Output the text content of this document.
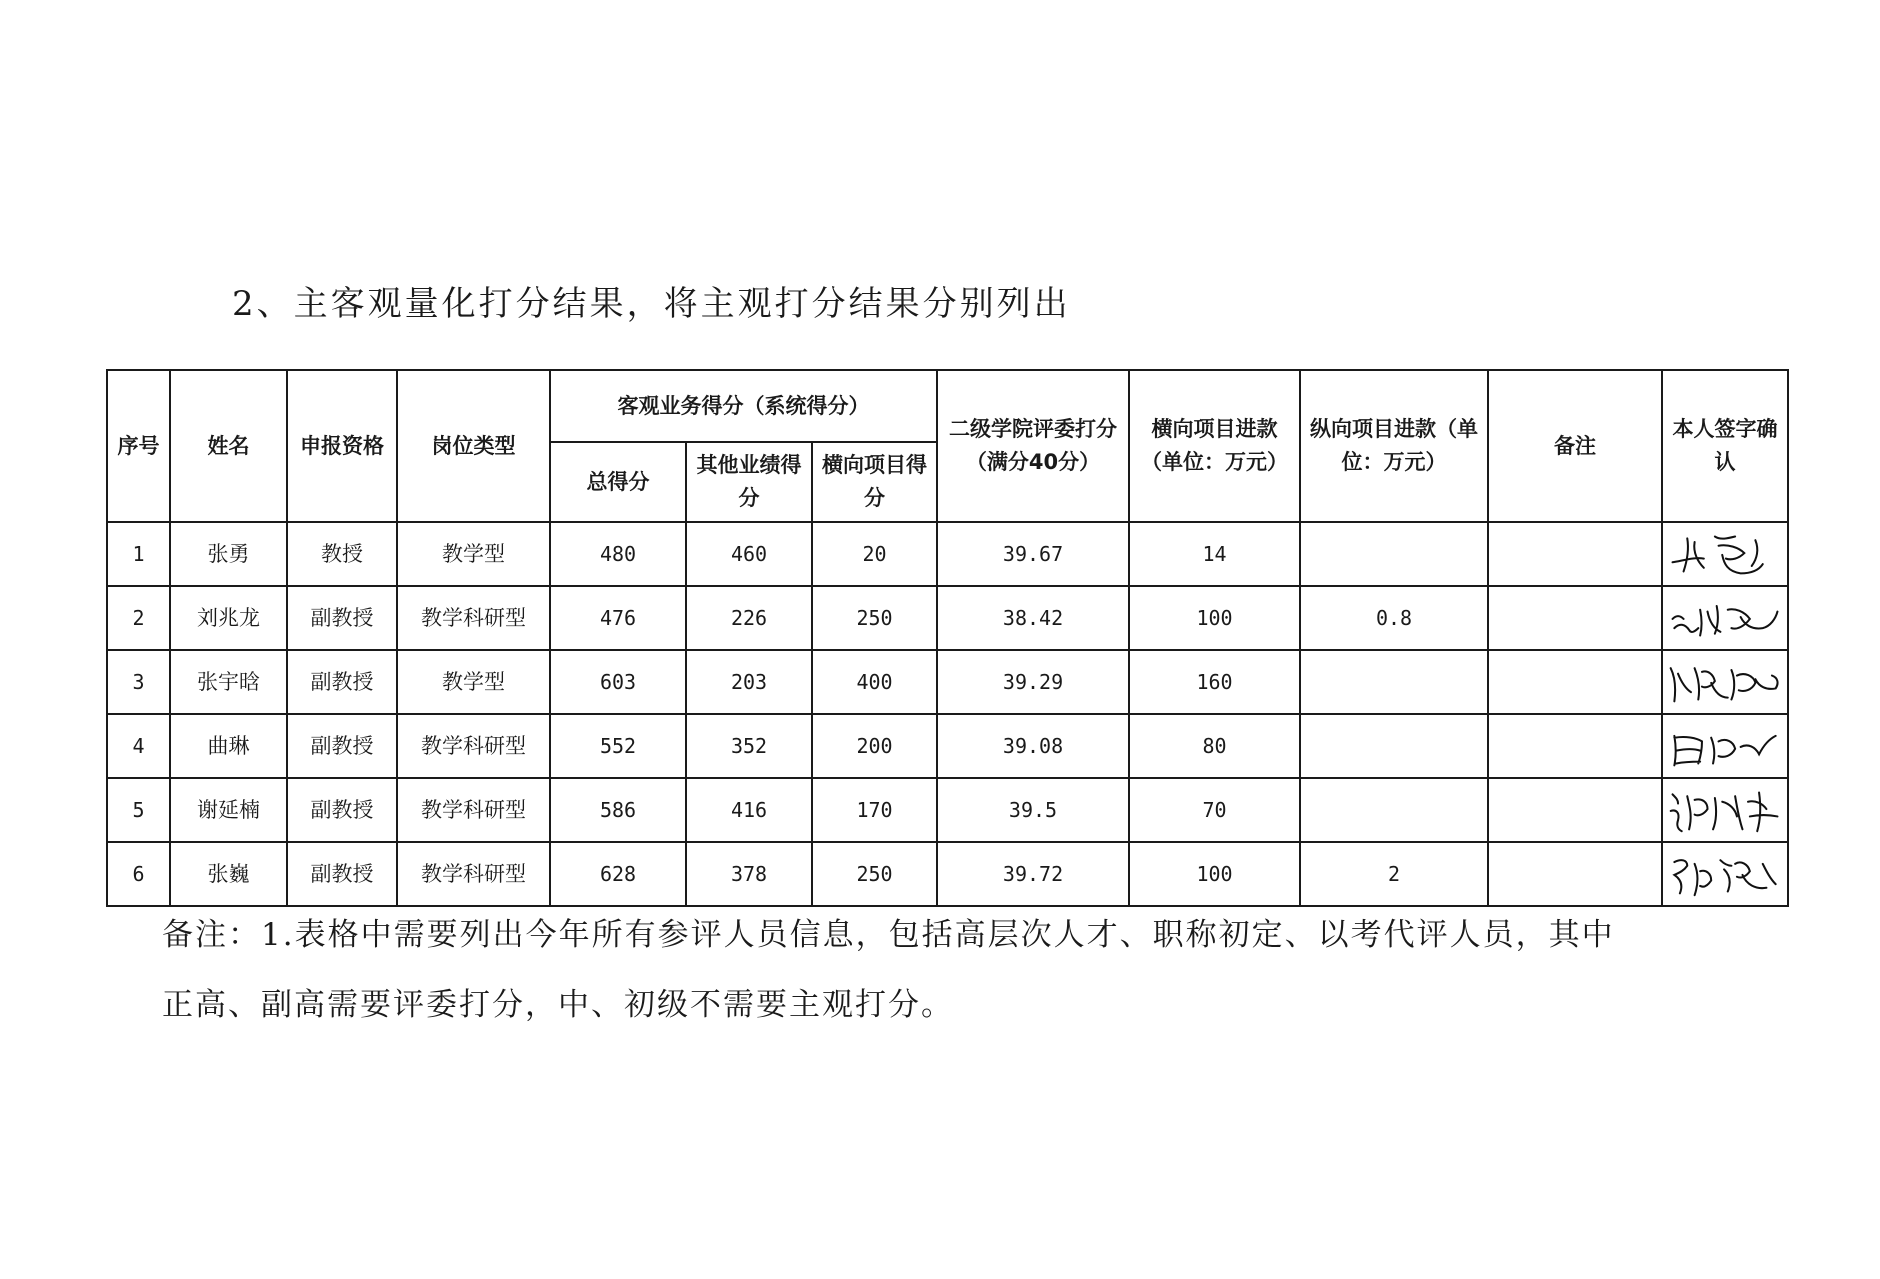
2、主客观量化打分结果，将主观打分结果分别列出
序号	姓名	申报资格	岗位类型	客观业务得分（系统得分）			二级学院评委打分（满分40分）	横向项目进款（单位：万元）	纵向项目进款（单位：万元）	备注	本人签字确认
				总得分	其他业绩得分	横向项目得分					
1	张勇	教授	教学型	480	460	20	39.67	14			

2	刘兆龙	副教授	教学科研型	476	226	250	38.42	100	0.8		

3	张宇晗	副教授	教学型	603	203	400	39.29	160			

4	曲琳	副教授	教学科研型	552	352	200	39.08	80			

5	谢延楠	副教授	教学科研型	586	416	170	39.5	70			

6	张巍	副教授	教学科研型	628	378	250	39.72	100	2		
备注：1.表格中需要列出今年所有参评人员信息，包括高层次人才、职称初定、以考代评人员，其中
正高、副高需要评委打分，中、初级不需要主观打分。
